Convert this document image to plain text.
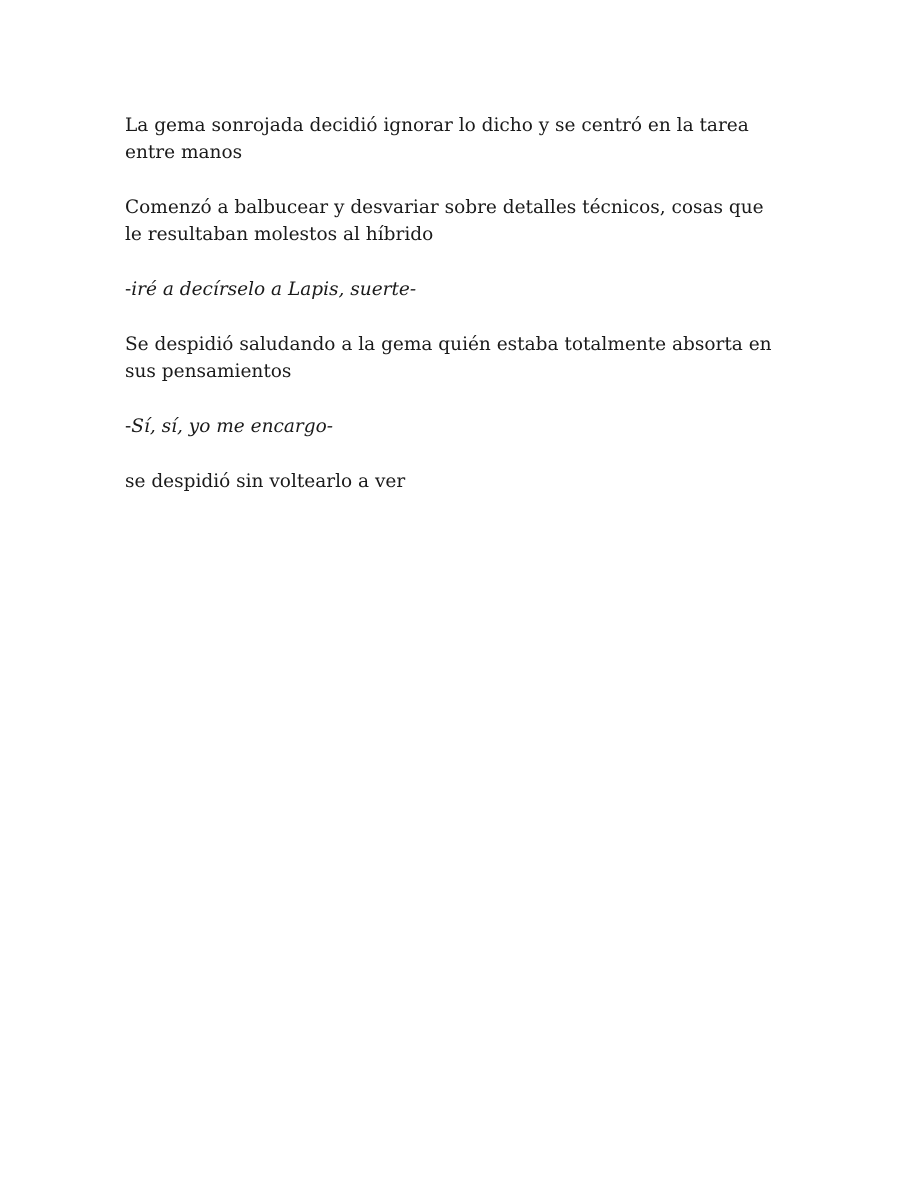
La gema sonrojada decidió ignorar lo dicho y se centró en la tarea entre manos

Comenzó a balbucear y desvariar sobre detalles técnicos, cosas que le resultaban molestos al híbrido

-iré a decírselo a Lapis, suerte-

Se despidió saludando a la gema quién estaba totalmente absorta en sus pensamientos

-Sí, sí, yo me encargo-

se despidió sin voltearlo a ver
